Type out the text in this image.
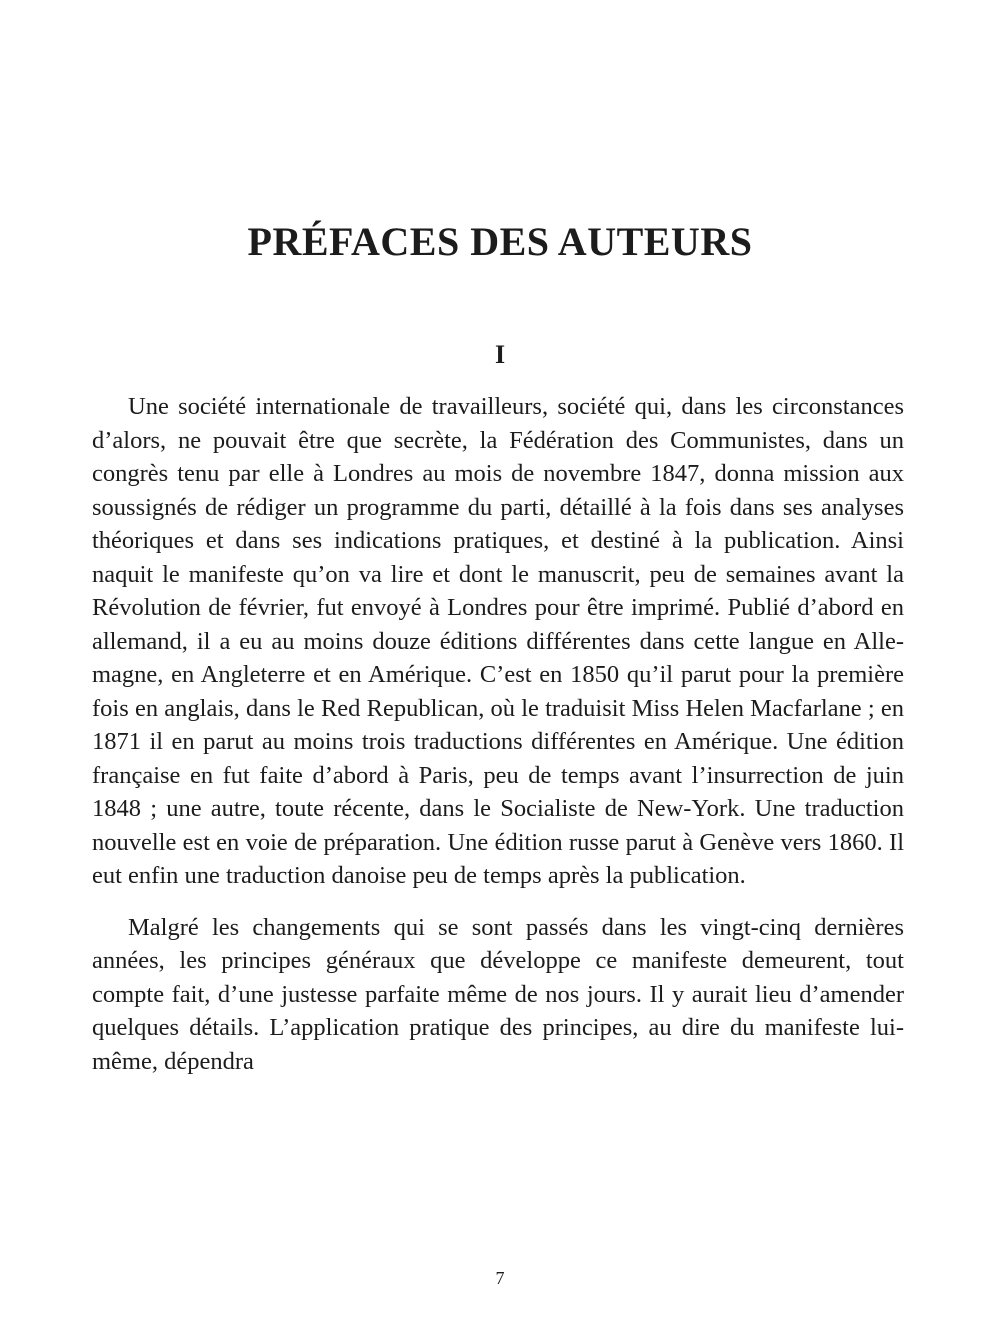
PRÉFACES DES AUTEURS
I

Une société internationale de travailleurs, société qui, dans les circonstances d’alors, ne pouvait être que secrète, la Fédération des Communistes, dans un congrès tenu par elle à Londres au mois de novembre 1847, donna mission aux soussignés de rédiger un programme du parti, détaillé à la fois dans ses analyses théoriques et dans ses indications pratiques, et destiné à la publication. Ainsi naquit le manifeste qu’on va lire et dont le manuscrit, peu de semaines avant la Révolution de février, fut envoyé à Londres pour être imprimé. Publié d’abord en allemand, il a eu au moins douze éditions différentes dans cette langue en Allemagne, en Angleterre et en Amérique. C’est en 1850 qu’il parut pour la première fois en anglais, dans le Red Republican, où le traduisit Miss Helen Macfarlane ; en 1871 il en parut au moins trois traductions différentes en Amérique. Une édition française en fut faite d’abord à Paris, peu de temps avant l’insurrection de juin 1848 ; une autre, toute récente, dans le Socialiste de New-York. Une traduction nouvelle est en voie de préparation. Une édition russe parut à Genève vers 1860. Il eut enfin une traduction danoise peu de temps après la publication.

Malgré les changements qui se sont passés dans les vingt-cinq dernières années, les principes généraux que développe ce manifeste demeurent, tout compte fait, d’une justesse parfaite même de nos jours. Il y aurait lieu d’amender quelques détails. L’application pratique des principes, au dire du manifeste lui-même, dépendra

7
